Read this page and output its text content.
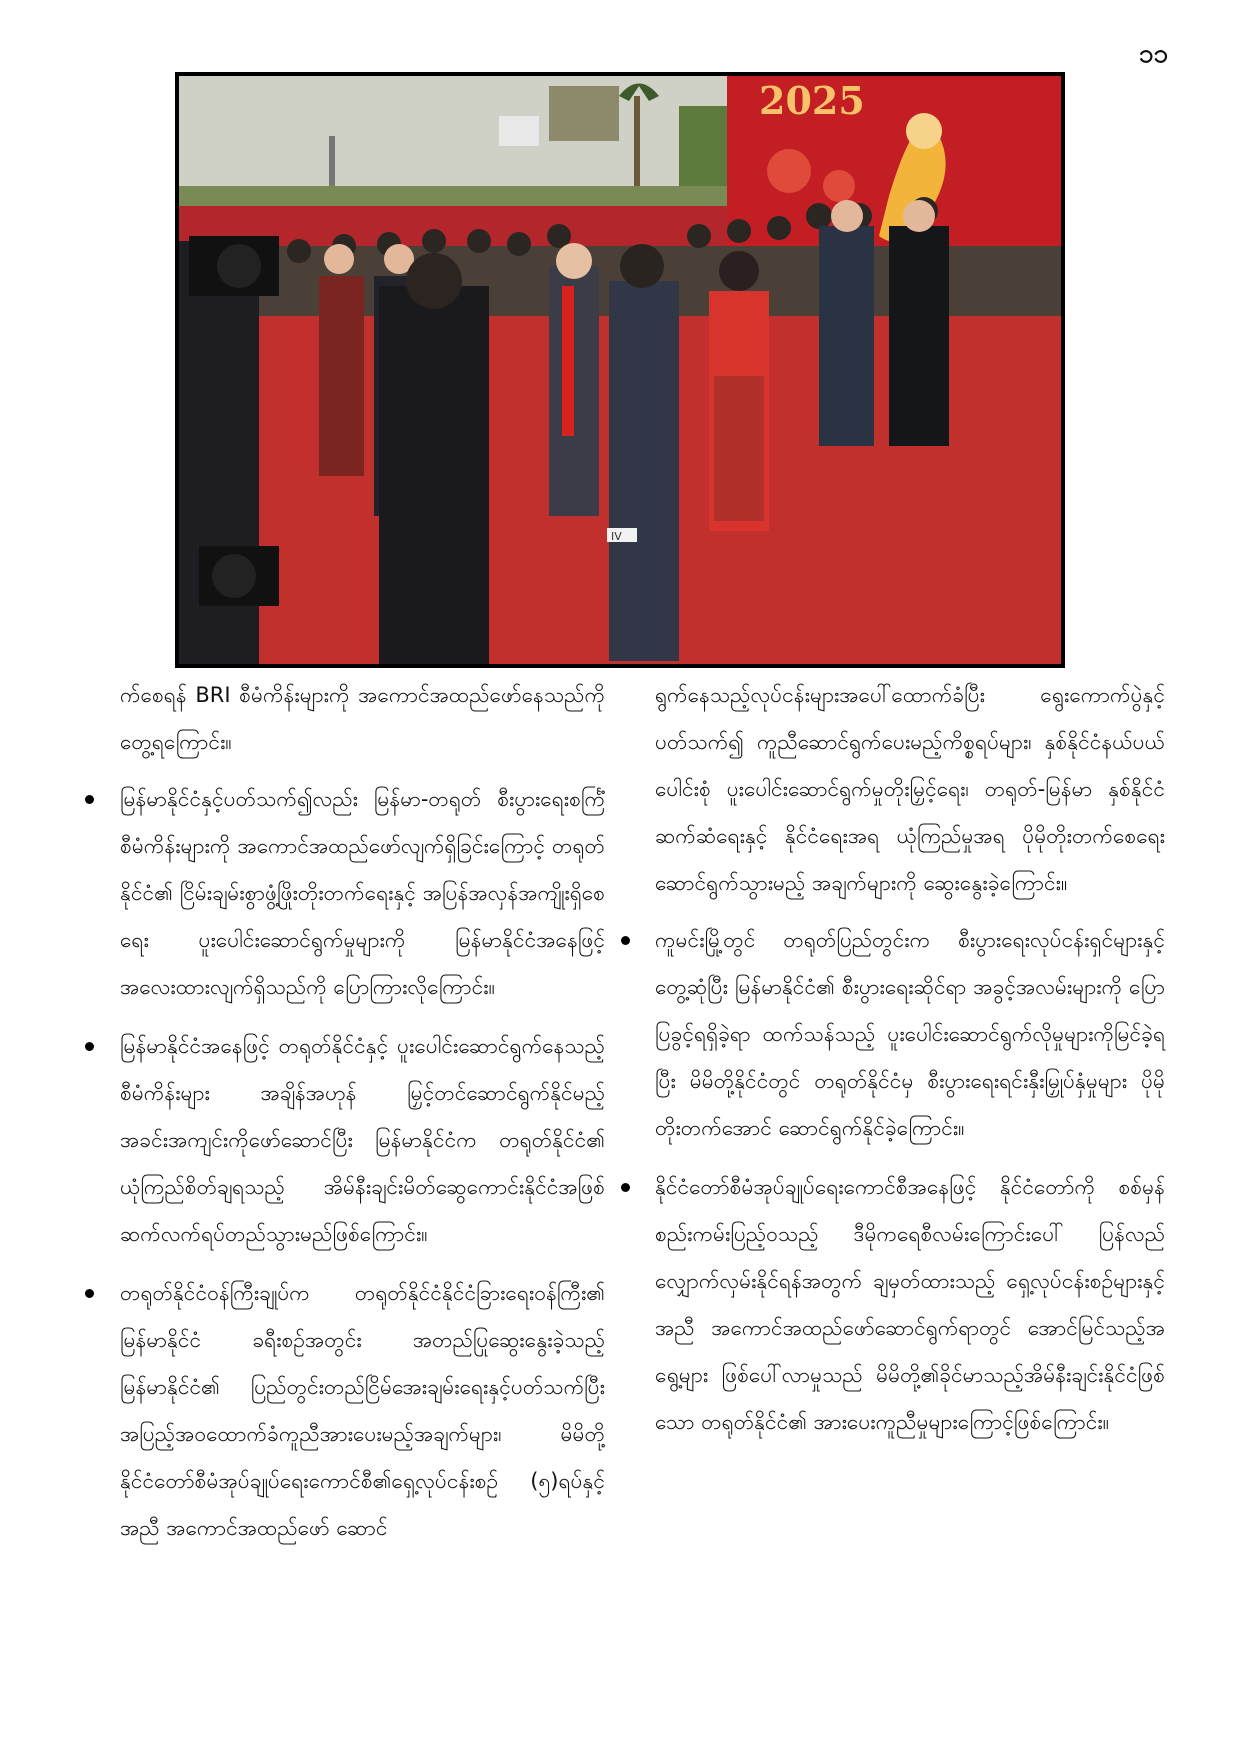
၁၁
2025
IV

က်စေရန် BRI စီမံကိန်းများကို အကောင်အထည်ဖော်နေသည်ကိုတွေ့ရကြောင်း။

မြန်မာနိုင်ငံနှင့်ပတ်သက်၍လည်း မြန်မာ-တရုတ် စီးပွားရေးစင်္ကြံစီမံကိန်းများကို အကောင်အထည်ဖော်လျက်ရှိခြင်းကြောင့် တရုတ်နိုင်ငံ၏ ငြိမ်းချမ်းစွာဖွံ့ဖြိုးတိုးတက်ရေးနှင့် အပြန်အလှန်အကျိုးရှိစေရေး ပူးပေါင်းဆောင်ရွက်မှုများကို မြန်မာနိုင်ငံအနေဖြင့် အလေးထားလျက်ရှိသည်ကို ပြောကြားလိုကြောင်း။
မြန်မာနိုင်ငံအနေဖြင့် တရုတ်နိုင်ငံနှင့် ပူးပေါင်းဆောင်ရွက်နေသည့်စီမံကိန်းများ အချိန်အဟုန် မြှင့်တင်ဆောင်ရွက်နိုင်မည့် အခင်းအကျင်းကိုဖော်ဆောင်ပြီး မြန်မာနိုင်ငံက တရုတ်နိုင်ငံ၏ ယုံကြည်စိတ်ချရသည့် အိမ်နီးချင်းမိတ်ဆွေကောင်းနိုင်ငံအဖြစ် ဆက်လက်ရပ်တည်သွားမည်ဖြစ်ကြောင်း။
တရုတ်နိုင်ငံဝန်ကြီးချုပ်က တရုတ်နိုင်ငံနိုင်ငံခြားရေးဝန်ကြီး၏ မြန်မာနိုင်ငံ ခရီးစဉ်အတွင်း အတည်ပြုဆွေးနွေးခဲ့သည့် မြန်မာနိုင်ငံ၏ ပြည်တွင်းတည်ငြိမ်အေးချမ်းရေးနှင့်ပတ်သက်ပြီး အပြည့်အဝထောက်ခံကူညီအားပေးမည့်အချက်များ၊ မိမိတို့နိုင်ငံတော်စီမံအုပ်ချုပ်ရေးကောင်စီ၏ရှေ့လုပ်ငန်းစဉ် (၅)ရပ်နှင့်အညီ အကောင်အထည်ဖော် ဆောင်

ရွက်နေသည့်လုပ်ငန်းများအပေါ်ထောက်ခံပြီး ရွေးကောက်ပွဲနှင့်ပတ်သက်၍ ကူညီဆောင်ရွက်ပေးမည့်ကိစ္စရပ်များ၊ နှစ်နိုင်ငံနယ်ပယ်ပေါင်းစုံ ပူးပေါင်းဆောင်ရွက်မှုတိုးမြှင့်ရေး၊ တရုတ်-မြန်မာ နှစ်နိုင်ငံဆက်ဆံရေးနှင့် နိုင်ငံရေးအရ ယုံကြည်မှုအရ ပိုမိုတိုးတက်စေရေး ဆောင်ရွက်သွားမည့် အချက်များကို ဆွေးနွေးခဲ့ကြောင်း။

ကူမင်းမြို့တွင် တရုတ်ပြည်တွင်းက စီးပွားရေးလုပ်ငန်းရှင်များနှင့်တွေ့ဆုံပြီး မြန်မာနိုင်ငံ၏ စီးပွားရေးဆိုင်ရာ အခွင့်အလမ်းများကို ပြောပြခွင့်ရရှိခဲ့ရာ ထက်သန်သည့် ပူးပေါင်းဆောင်ရွက်လိုမှုများကိုမြင်ခဲ့ရပြီး မိမိတို့နိုင်ငံတွင် တရုတ်နိုင်ငံမှ စီးပွားရေးရင်းနှီးမြှုပ်နှံမှုများ ပိုမိုတိုးတက်အောင် ဆောင်ရွက်နိုင်ခဲ့ကြောင်း။
နိုင်ငံတော်စီမံအုပ်ချုပ်ရေးကောင်စီအနေဖြင့် နိုင်ငံတော်ကို စစ်မှန်စည်းကမ်းပြည့်ဝသည့် ဒီမိုကရေစီလမ်းကြောင်းပေါ် ပြန်လည်လျှောက်လှမ်းနိုင်ရန်အတွက် ချမှတ်ထားသည့် ရှေ့လုပ်ငန်းစဉ်များနှင့်အညီ အကောင်အထည်ဖော်ဆောင်ရွက်ရာတွင် အောင်မြင်သည့်အရွေ့များ ဖြစ်ပေါ်လာမှုသည် မိမိတို့၏ခိုင်မာသည့်အိမ်နီးချင်းနိုင်ငံဖြစ်သော တရုတ်နိုင်ငံ၏ အားပေးကူညီမှုများကြောင့်ဖြစ်ကြောင်း။
